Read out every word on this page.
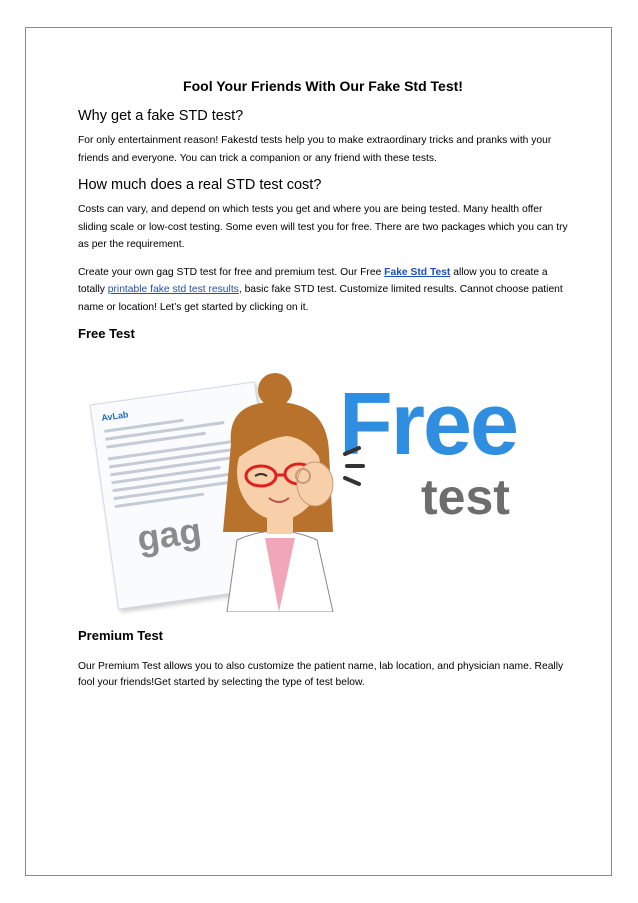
Fool Your Friends With Our Fake Std Test!
Why get a fake STD test?

For only entertainment reason! Fakestd tests help you to make extraordinary tricks and pranks with your friends and everyone. You can trick a companion or any friend with these tests.

How much does a real STD test cost?

Costs can vary, and depend on which tests you get and where you are being tested. Many health offer sliding scale or low-cost testing. Some even will test you for free. There are two packages which you can try as per the requirement.

Create your own gag STD test for free and premium test. Our Free Fake Std Test allow you to create a totally printable fake std test results, basic fake STD test. Customize limited results. Cannot choose patient name or location! Let’s get started by clicking on it.

Free Test
AvLab
gag
Free
test
Premium Test

Our Premium Test allows you to also customize the patient name, lab location, and physician name. Really fool your friends!Get started by selecting the type of test below.
